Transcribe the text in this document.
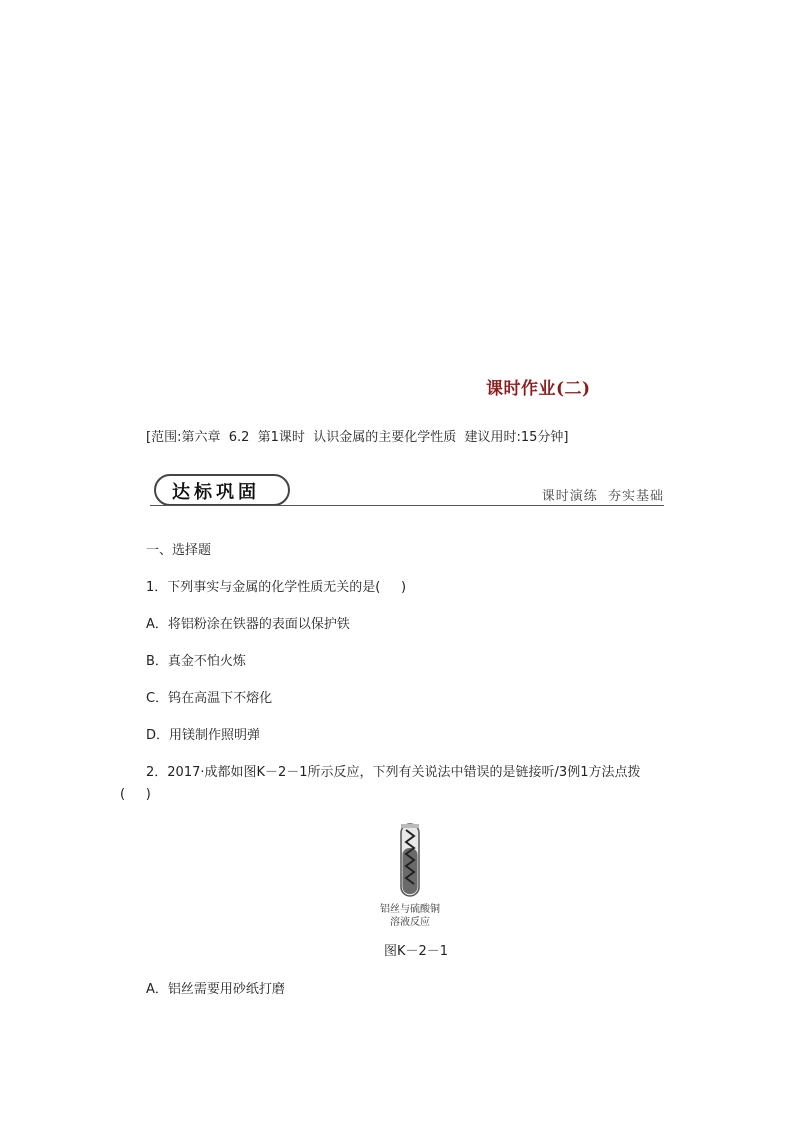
课时作业(二)
[范围:第六章  6.2  第1课时  认识金属的主要化学性质  建议用时:15分钟]
达标巩固	课时演练  夯实基础
一、选择题
1．下列事实与金属的化学性质无关的是(     )
A．将铝粉涂在铁器的表面以保护铁
B．真金不怕火炼
C．钨在高温下不熔化
D．用镁制作照明弹
2．2017·成都如图K－2－1所示反应，下列有关说法中错误的是链接听/3例1方法点拨
(     )
铝丝与硫酸铜
溶液反应
图K－2－1
A．铝丝需要用砂纸打磨
